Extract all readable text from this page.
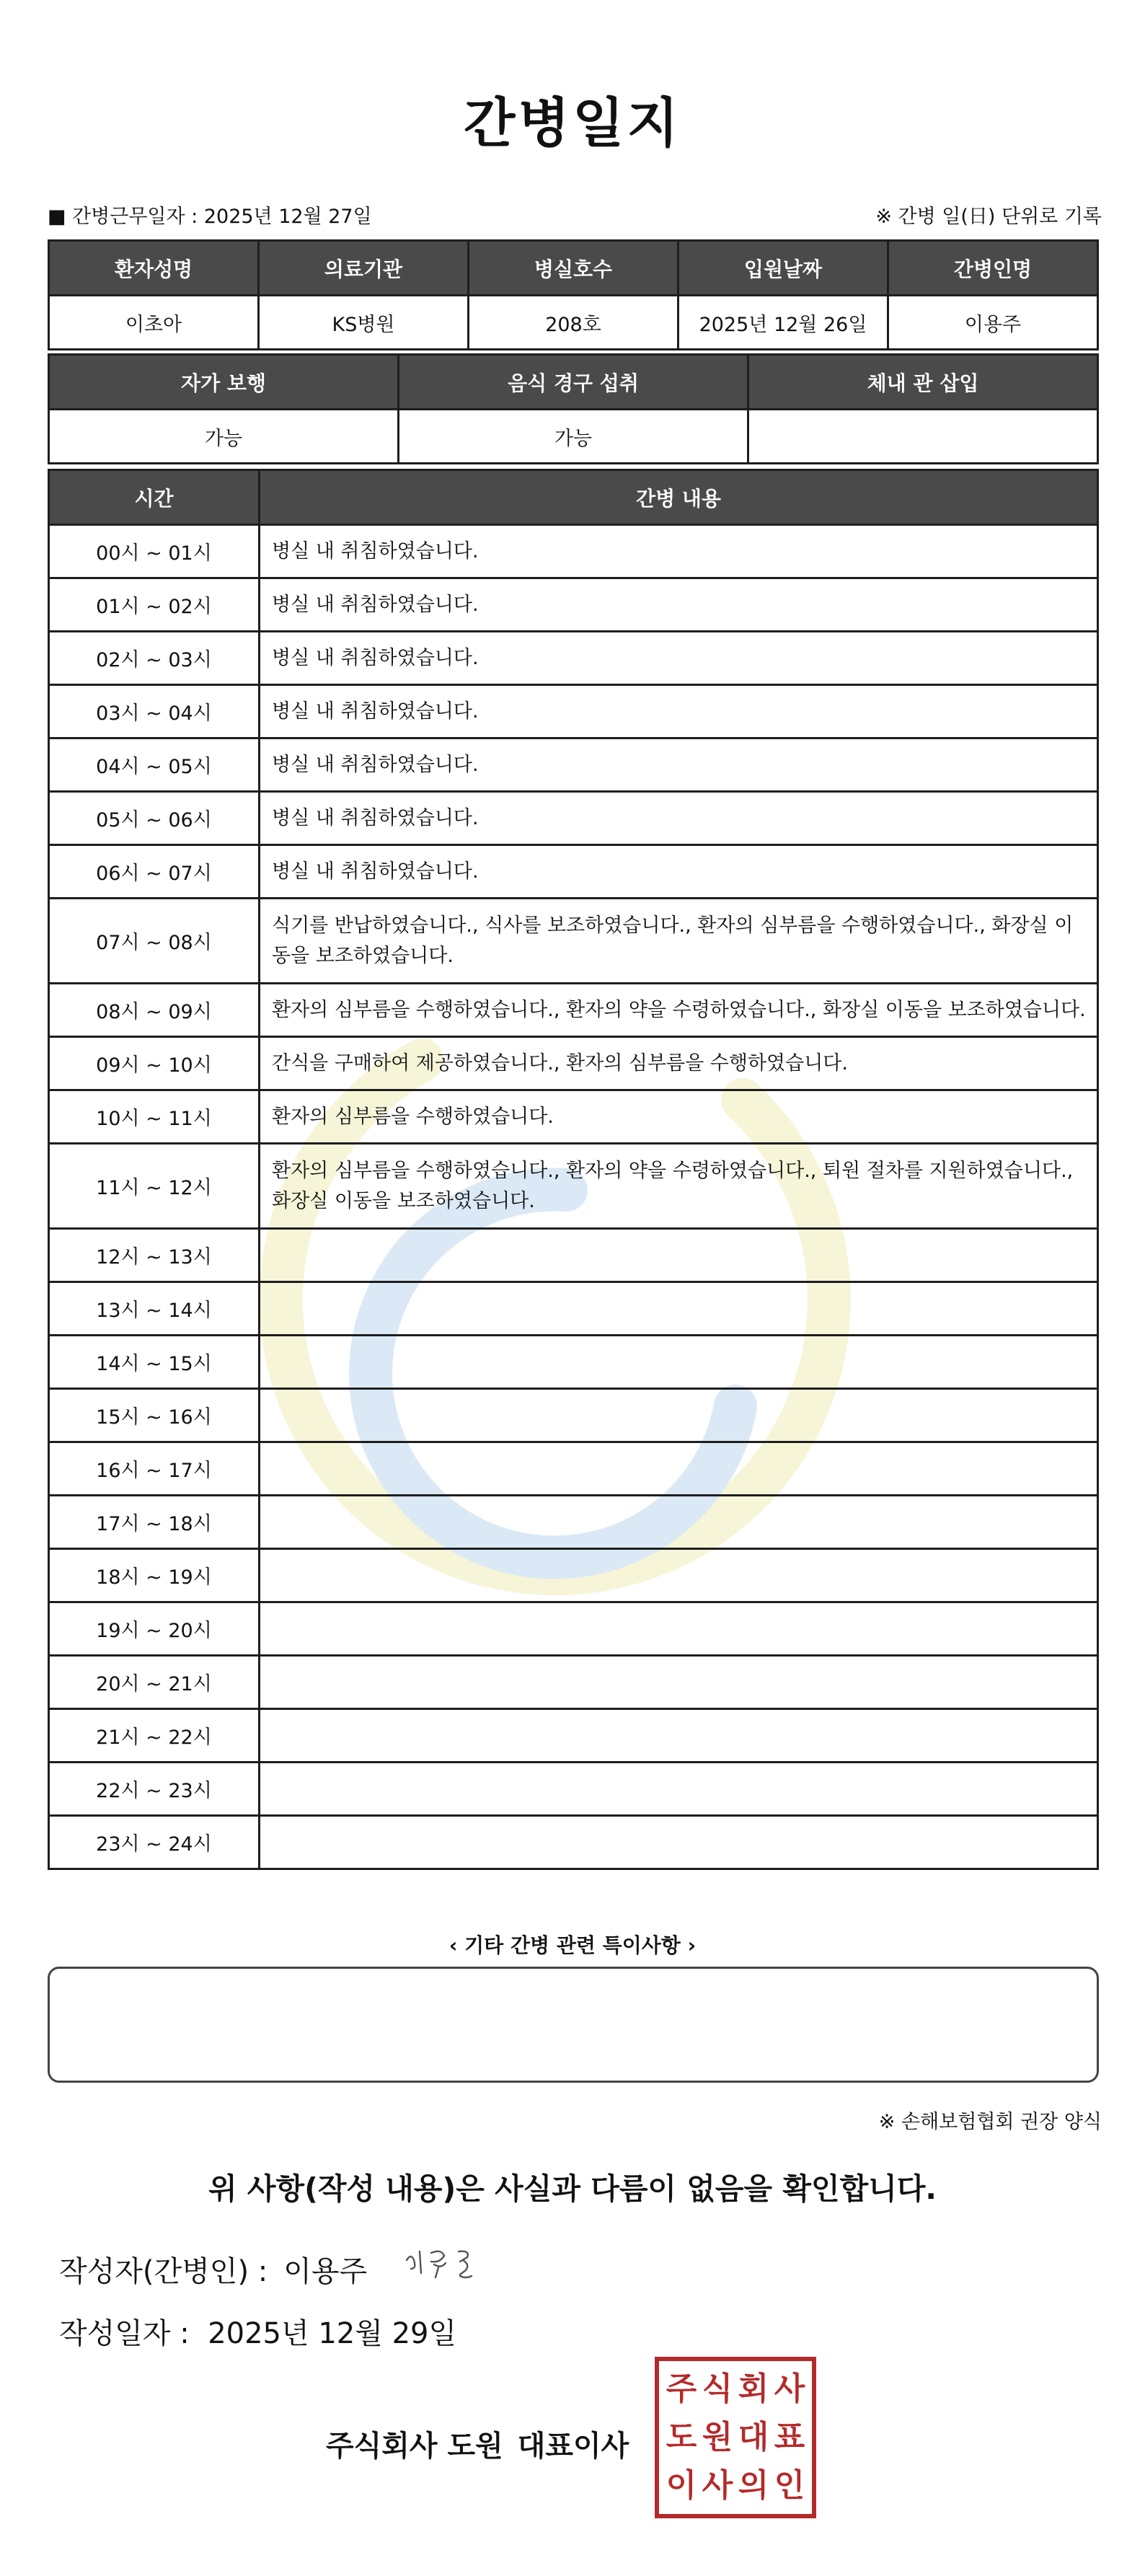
간병일지
■ 간병근무일자 : 2025년 12월 27일	※ 간병 일(日) 단위로 기록
환자성명	의료기관	병실호수	입원날짜	간병인명
이초아	KS병원	208호	2025년 12월 26일	이용주
자가 보행	음식 경구 섭취	체내 관 삽입
가능	가능	
시간	간병 내용
00시 ~ 01시	병실 내 취침하였습니다.
01시 ~ 02시	병실 내 취침하였습니다.
02시 ~ 03시	병실 내 취침하였습니다.
03시 ~ 04시	병실 내 취침하였습니다.
04시 ~ 05시	병실 내 취침하였습니다.
05시 ~ 06시	병실 내 취침하였습니다.
06시 ~ 07시	병실 내 취침하였습니다.
07시 ~ 08시	식기를 반납하였습니다., 식사를 보조하였습니다., 환자의 심부름을 수행하였습니다., 화장실 이동을 보조하였습니다.
08시 ~ 09시	환자의 심부름을 수행하였습니다., 환자의 약을 수령하였습니다., 화장실 이동을 보조하였습니다.
09시 ~ 10시	간식을 구매하여 제공하였습니다., 환자의 심부름을 수행하였습니다.
10시 ~ 11시	환자의 심부름을 수행하였습니다.
11시 ~ 12시	환자의 심부름을 수행하였습니다., 환자의 약을 수령하였습니다., 퇴원 절차를 지원하였습니다., 화장실 이동을 보조하였습니다.
12시 ~ 13시	
13시 ~ 14시	
14시 ~ 15시	
15시 ~ 16시	
16시 ~ 17시	
17시 ~ 18시	
18시 ~ 19시	
19시 ~ 20시	
20시 ~ 21시	
21시 ~ 22시	
22시 ~ 23시	
23시 ~ 24시	
‹ 기타 간병 관련 특이사항 ›
※ 손해보험협회 권장 양식
위 사항(작성 내용)은 사실과 다름이 없음을 확인합니다.
작성자(간병인) : 이용주
작성일자 : 2025년 12월 29일
주식회사 도원 대표이사
주 식 회 사
도 원 대 표
이 사 의 인
